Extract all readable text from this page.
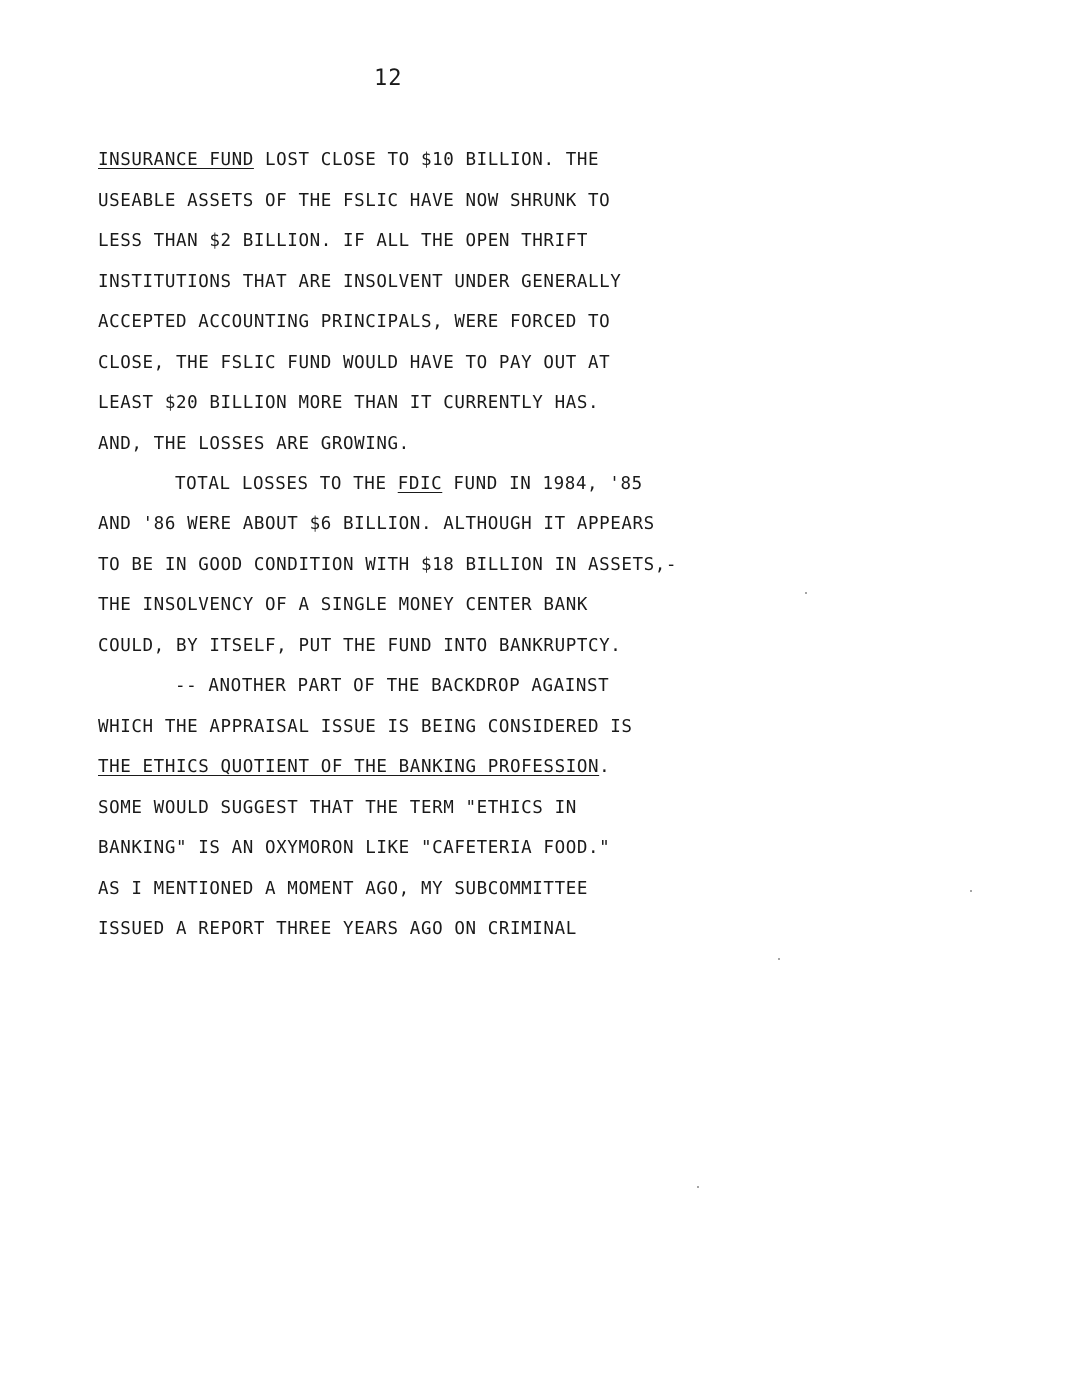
12
INSURANCE FUND LOST CLOSE TO $10 BILLION. THE
USEABLE ASSETS OF THE FSLIC HAVE NOW SHRUNK TO
LESS THAN $2 BILLION. IF ALL THE OPEN THRIFT
INSTITUTIONS THAT ARE INSOLVENT UNDER GENERALLY
ACCEPTED ACCOUNTING PRINCIPALS, WERE FORCED TO
CLOSE, THE FSLIC FUND WOULD HAVE TO PAY OUT AT
LEAST $20 BILLION MORE THAN IT CURRENTLY HAS.
AND, THE LOSSES ARE GROWING.
TOTAL LOSSES TO THE FDIC FUND IN 1984, '85
AND '86 WERE ABOUT $6 BILLION. ALTHOUGH IT APPEARS
TO BE IN GOOD CONDITION WITH $18 BILLION IN ASSETS,-
THE INSOLVENCY OF A SINGLE MONEY CENTER BANK
COULD, BY ITSELF, PUT THE FUND INTO BANKRUPTCY.
-- ANOTHER PART OF THE BACKDROP AGAINST
WHICH THE APPRAISAL ISSUE IS BEING CONSIDERED IS
THE ETHICS QUOTIENT OF THE BANKING PROFESSION.
SOME WOULD SUGGEST THAT THE TERM "ETHICS IN
BANKING" IS AN OXYMORON LIKE "CAFETERIA FOOD."
AS I MENTIONED A MOMENT AGO, MY SUBCOMMITTEE
ISSUED A REPORT THREE YEARS AGO ON CRIMINAL
